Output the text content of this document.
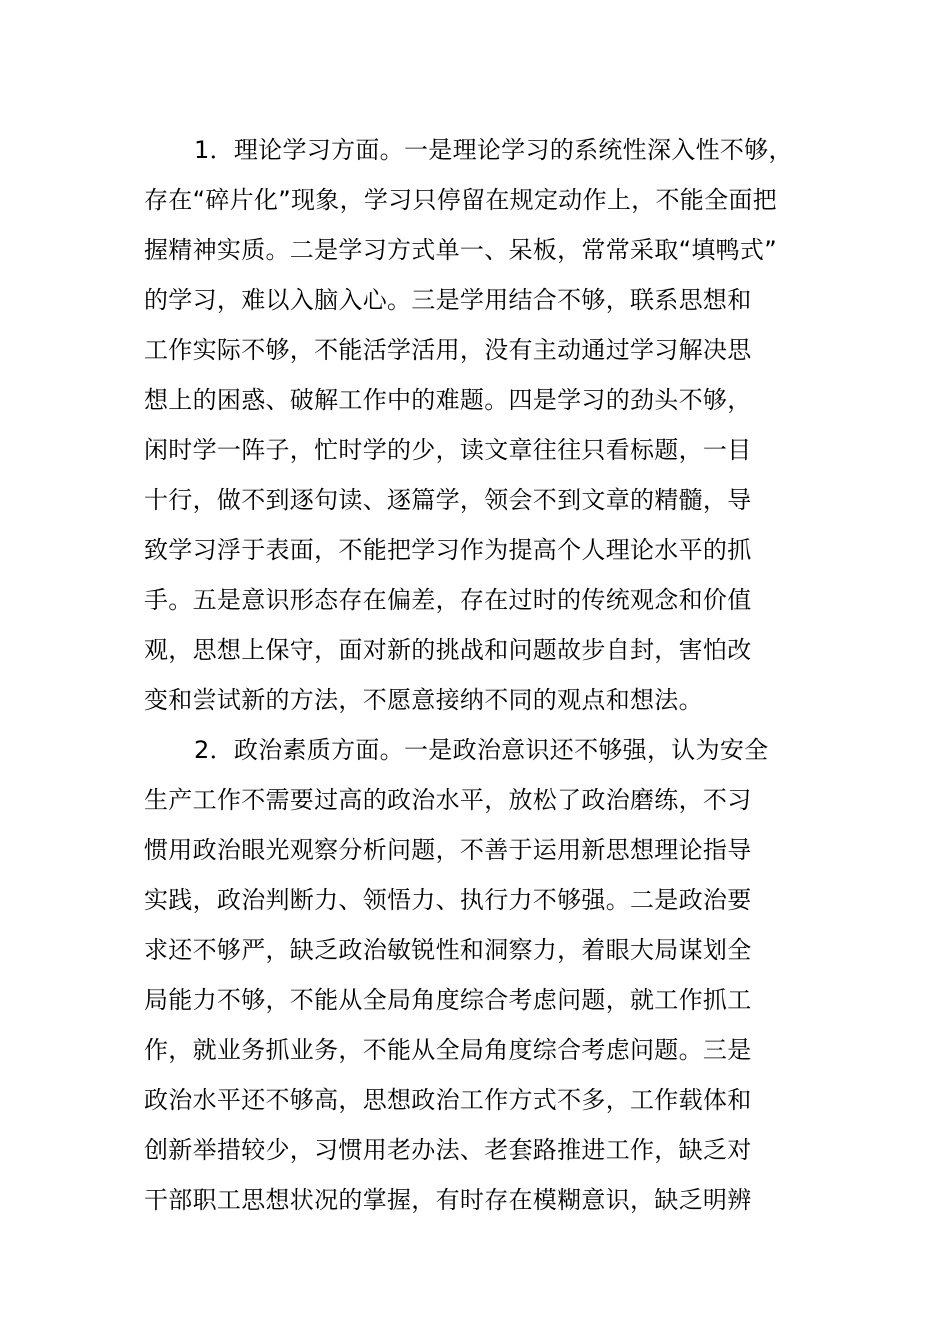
1．理论学习方面。一是理论学习的系统性深入性不够，
存在“碎片化”现象，学习只停留在规定动作上，不能全面把
握精神实质。二是学习方式单一、呆板，常常采取“填鸭式”
的学习，难以入脑入心。三是学用结合不够，联系思想和
工作实际不够，不能活学活用，没有主动通过学习解决思
想上的困惑、破解工作中的难题。四是学习的劲头不够，
闲时学一阵子，忙时学的少，读文章往往只看标题，一目
十行，做不到逐句读、逐篇学，领会不到文章的精髓，导
致学习浮于表面，不能把学习作为提高个人理论水平的抓
手。五是意识形态存在偏差，存在过时的传统观念和价值
观，思想上保守，面对新的挑战和问题故步自封，害怕改
变和尝试新的方法，不愿意接纳不同的观点和想法。
2．政治素质方面。一是政治意识还不够强，认为安全
生产工作不需要过高的政治水平，放松了政治磨练，不习
惯用政治眼光观察分析问题，不善于运用新思想理论指导
实践，政治判断力、领悟力、执行力不够强。二是政治要
求还不够严，缺乏政治敏锐性和洞察力，着眼大局谋划全
局能力不够，不能从全局角度综合考虑问题，就工作抓工
作，就业务抓业务，不能从全局角度综合考虑问题。三是
政治水平还不够高，思想政治工作方式不多，工作载体和
创新举措较少，习惯用老办法、老套路推进工作，缺乏对
干部职工思想状况的掌握，有时存在模糊意识，缺乏明辨
